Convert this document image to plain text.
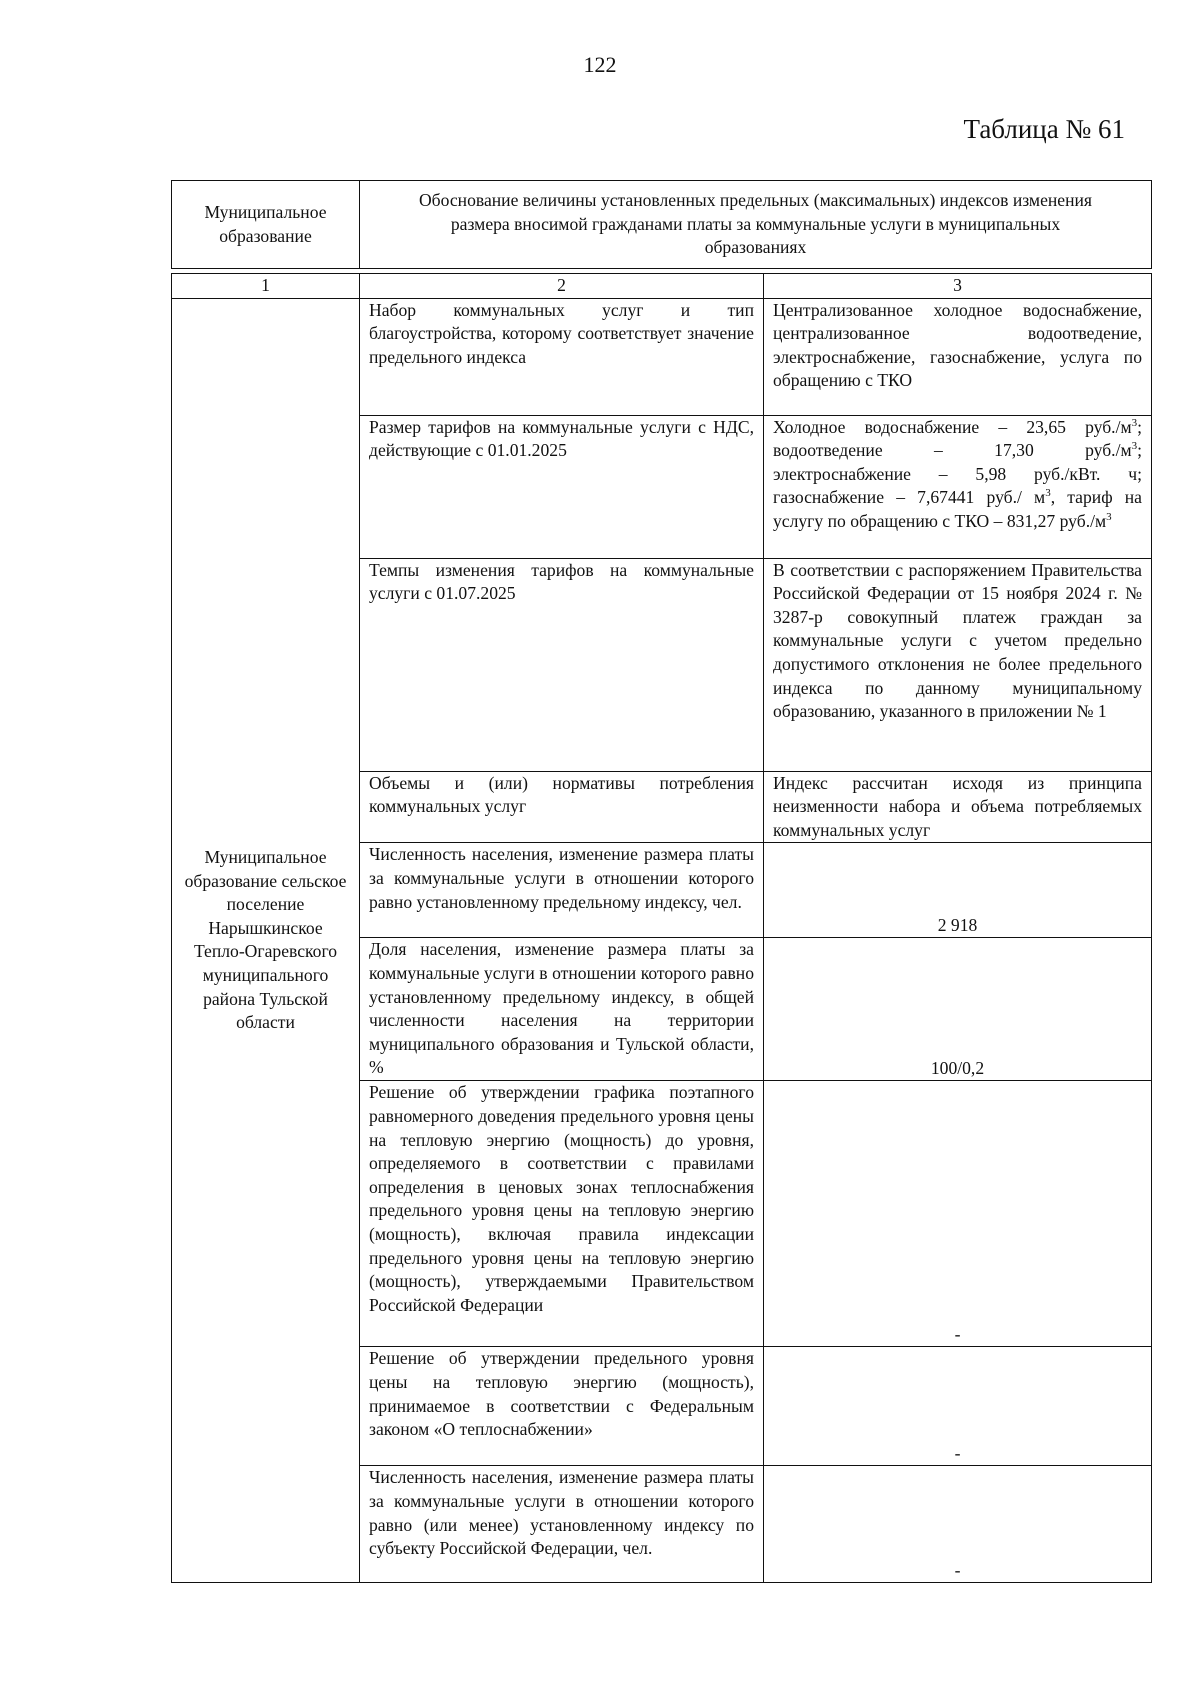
122
Таблица № 61
Муниципальное образование	Обоснование величины установленных предельных (максимальных) индексов изменения размера вносимой гражданами платы за коммунальные услуги в муниципальных образованиях
1	2	3
Муниципальное образование сельское поселение Нарышкинское Тепло-Огаревского муниципального района Тульской области	Набор коммунальных услуг и тип благоустройства, которому соответствует значение предельного индекса	Централизованное холодное водоснабжение, централизованное водоотведение, электроснабжение, газоснабжение, услуга по обращению с ТКО
	Размер тарифов на коммунальные услуги с НДС, действующие с 01.01.2025	Холодное водоснабжение – 23,65 $руб./м^3$; водоотведение – 17,30 $руб./м^3$; электроснабжение – 5,98 руб./кВт. ч; газоснабжение – 7,67441 руб./ $м^3$, тариф на услугу по обращению с ТКО – 831,27 $руб./м^3$
	Темпы изменения тарифов на коммунальные услуги с 01.07.2025	В соответствии с распоряжением Правительства Российской Федерации от 15 ноября 2024 г. № 3287-р совокупный платеж граждан за коммунальные услуги с учетом предельно допустимого отклонения не более предельного индекса по данному муниципальному образованию, указанного в приложении № 1
	Объемы и (или) нормативы потребления коммунальных услуг	Индекс рассчитан исходя из принципа неизменности набора и объема потребляемых коммунальных услуг
	Численность населения, изменение размера платы за коммунальные услуги в отношении которого равно установленному предельному индексу, чел.	2 918
	Доля населения, изменение размера платы за коммунальные услуги в отношении которого равно установленному предельному индексу, в общей численности населения на территории муниципального образования и Тульской области, %	100/0,2
	Решение об утверждении графика поэтапного равномерного доведения предельного уровня цены на тепловую энергию (мощность) до уровня, определяемого в соответствии с правилами определения в ценовых зонах теплоснабжения предельного уровня цены на тепловую энергию (мощность), включая правила индексации предельного уровня цены на тепловую энергию (мощность), утверждаемыми Правительством Российской Федерации	-
	Решение об утверждении предельного уровня цены на тепловую энергию (мощность), принимаемое в соответствии с Федеральным законом «О теплоснабжении»	-
	Численность населения, изменение размера платы за коммунальные услуги в отношении которого равно (или менее) установленному индексу по субъекту Российской Федерации, чел.	-
